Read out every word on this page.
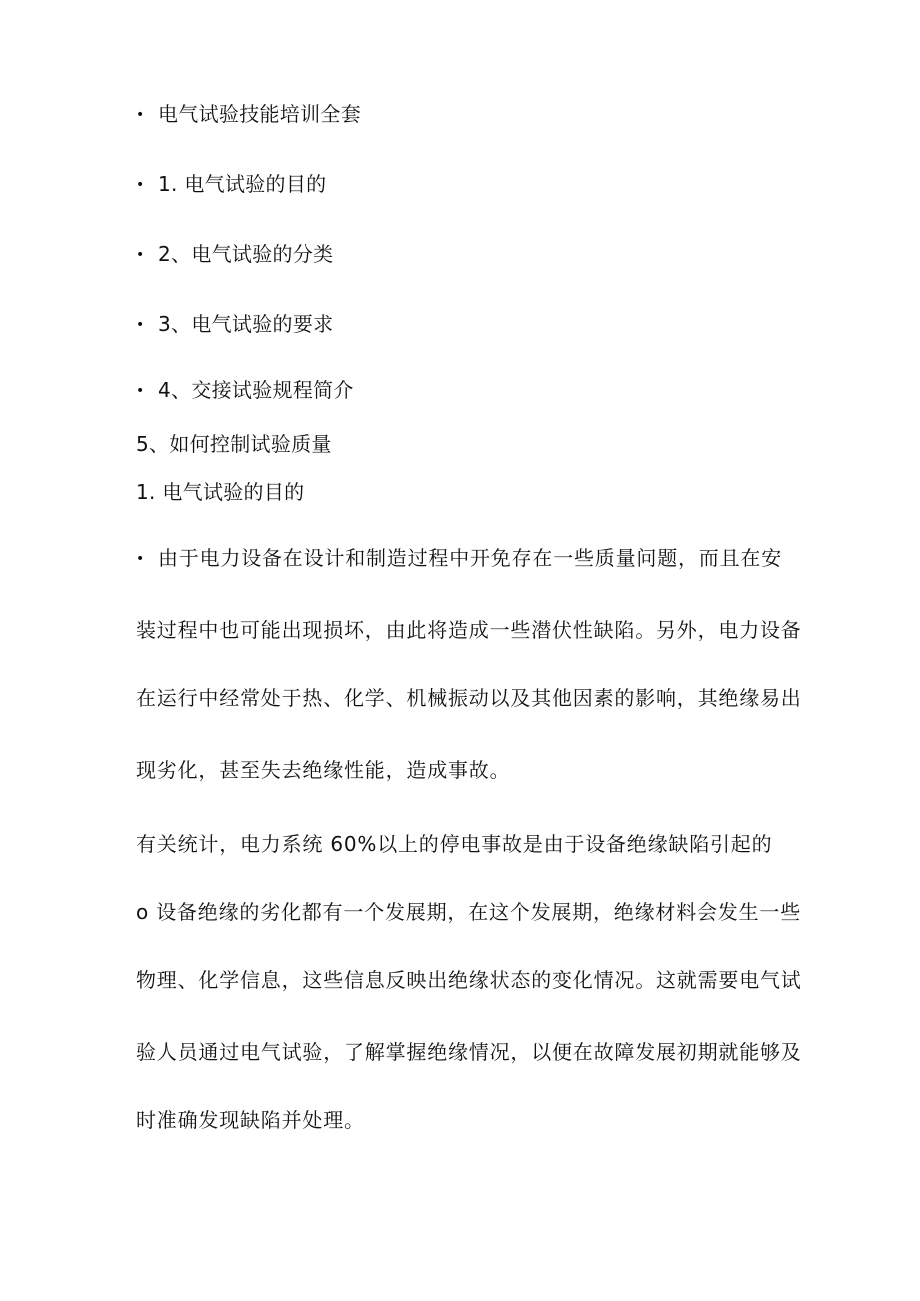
• 电气试验技能培训全套
• 1. 电气试验的目的
• 2、电气试验的分类
• 3、电气试验的要求
• 4、交接试验规程简介
5、如何控制试验质量
1. 电气试验的目的
• 由于电力设备在设计和制造过程中开免存在一些质量问题，而且在安
装过程中也可能出现损坏，由此将造成一些潜伏性缺陷。另外，电力设备
在运行中经常处于热、化学、机械振动以及其他因素的影响，其绝缘易出
现劣化，甚至失去绝缘性能，造成事故。
有关统计，电力系统 60%以上的停电事故是由于设备绝缘缺陷引起的
o 设备绝缘的劣化都有一个发展期，在这个发展期，绝缘材料会发生一些
物理、化学信息，这些信息反映出绝缘状态的变化情况。这就需要电气试
验人员通过电气试验，了解掌握绝缘情况，以便在故障发展初期就能够及
时准确发现缺陷并处理。
